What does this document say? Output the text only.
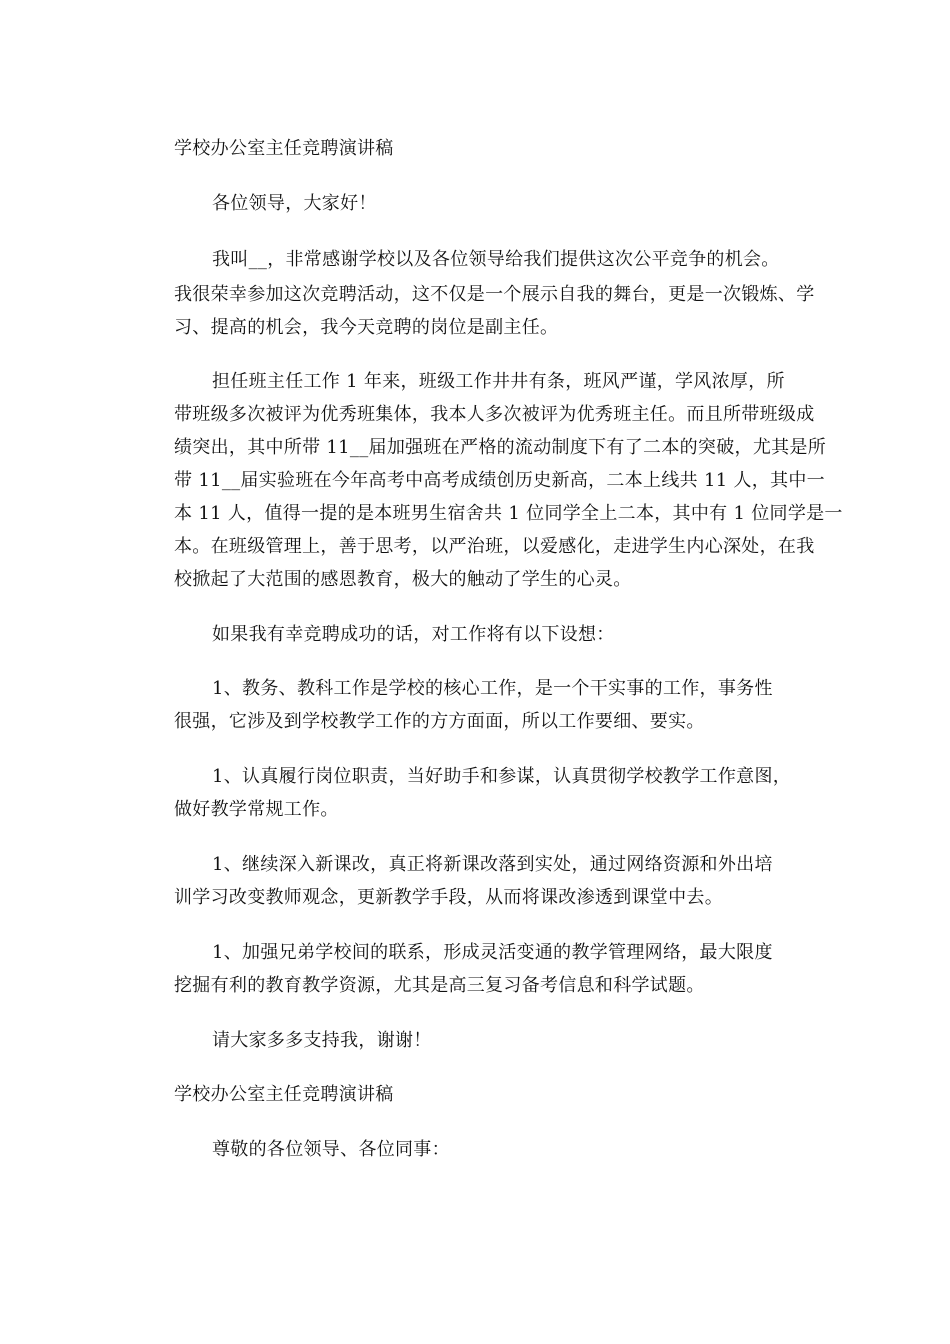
学校办公室主任竞聘演讲稿
各位领导，大家好！
我叫__，非常感谢学校以及各位领导给我们提供这次公平竞争的机会。
我很荣幸参加这次竞聘活动，这不仅是一个展示自我的舞台，更是一次锻炼、学
习、提高的机会，我今天竞聘的岗位是副主任。
担任班主任工作 1 年来，班级工作井井有条，班风严谨，学风浓厚，所
带班级多次被评为优秀班集体，我本人多次被评为优秀班主任。而且所带班级成
绩突出，其中所带 11__届加强班在严格的流动制度下有了二本的突破，尤其是所
带 11__届实验班在今年高考中高考成绩创历史新高，二本上线共 11 人，其中一
本 11 人，值得一提的是本班男生宿舍共 1 位同学全上二本，其中有 1 位同学是一
本。在班级管理上，善于思考，以严治班，以爱感化，走进学生内心深处，在我
校掀起了大范围的感恩教育，极大的触动了学生的心灵。
如果我有幸竞聘成功的话，对工作将有以下设想：
1、教务、教科工作是学校的核心工作，是一个干实事的工作，事务性
很强，它涉及到学校教学工作的方方面面，所以工作要细、要实。
1、认真履行岗位职责，当好助手和参谋，认真贯彻学校教学工作意图，
做好教学常规工作。
1、继续深入新课改，真正将新课改落到实处，通过网络资源和外出培
训学习改变教师观念，更新教学手段，从而将课改渗透到课堂中去。
1、加强兄弟学校间的联系，形成灵活变通的教学管理网络，最大限度
挖掘有利的教育教学资源，尤其是高三复习备考信息和科学试题。
请大家多多支持我，谢谢！
学校办公室主任竞聘演讲稿
尊敬的各位领导、各位同事：
